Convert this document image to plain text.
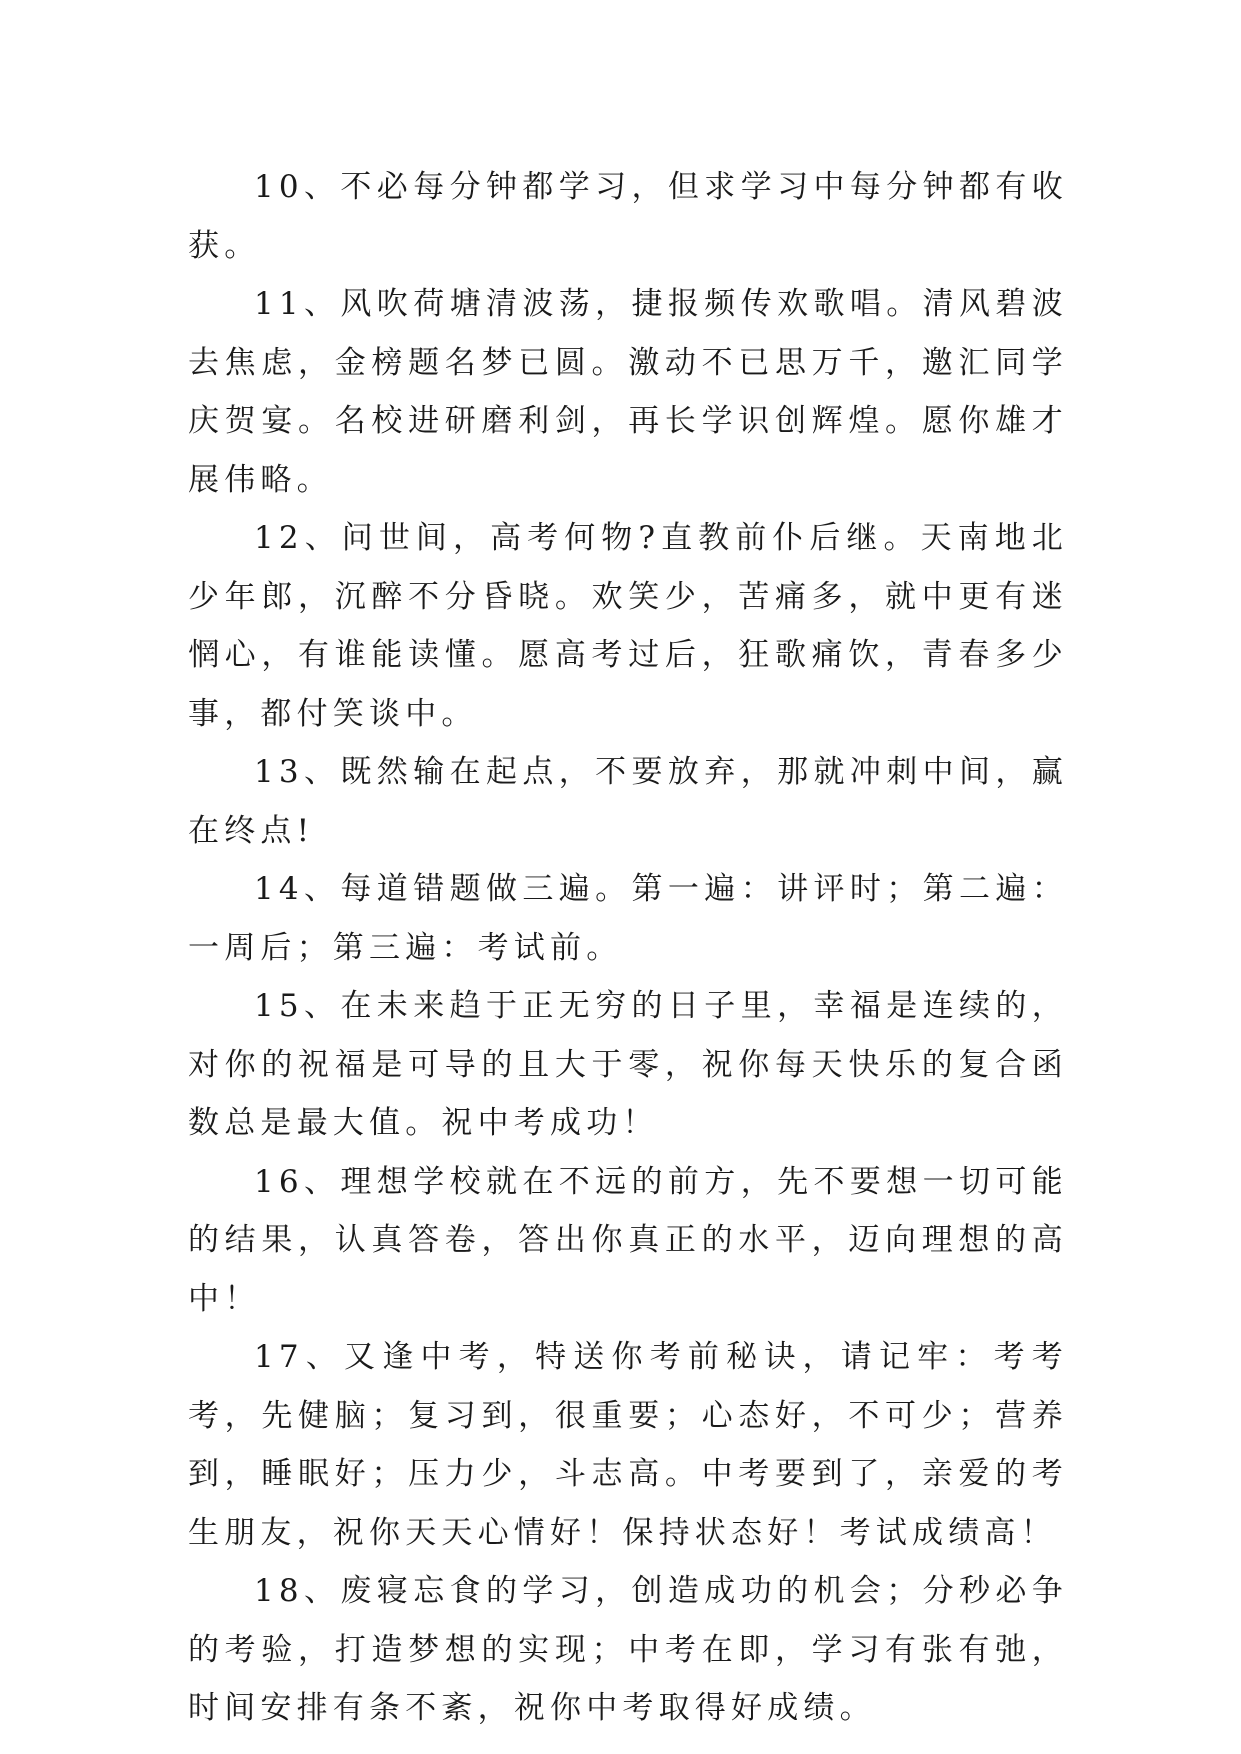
10、不必每分钟都学习，但求学习中每分钟都有收获。

11、风吹荷塘清波荡，捷报频传欢歌唱。清风碧波去焦虑，金榜题名梦已圆。激动不已思万千，邀汇同学庆贺宴。名校进研磨利剑，再长学识创辉煌。愿你雄才展伟略。

12、问世间，高考何物?直教前仆后继。天南地北少年郎，沉醉不分昏晓。欢笑少，苦痛多，就中更有迷惘心，有谁能读懂。愿高考过后，狂歌痛饮，青春多少事，都付笑谈中。

13、既然输在起点，不要放弃，那就冲刺中间，赢在终点!

14、每道错题做三遍。第一遍：讲评时；第二遍：一周后；第三遍：考试前。

15、在未来趋于正无穷的日子里，幸福是连续的，对你的祝福是可导的且大于零，祝你每天快乐的复合函数总是最大值。祝中考成功！

16、理想学校就在不远的前方，先不要想一切可能的结果，认真答卷，答出你真正的水平，迈向理想的高中！

17、又逢中考，特送你考前秘诀，请记牢：考考考，先健脑；复习到，很重要；心态好，不可少；营养到，睡眠好；压力少，斗志高。中考要到了，亲爱的考生朋友，祝你天天心情好！保持状态好！考试成绩高！

18、废寝忘食的学习，创造成功的机会；分秒必争的考验，打造梦想的实现；中考在即，学习有张有弛，时间安排有条不紊，祝你中考取得好成绩。
